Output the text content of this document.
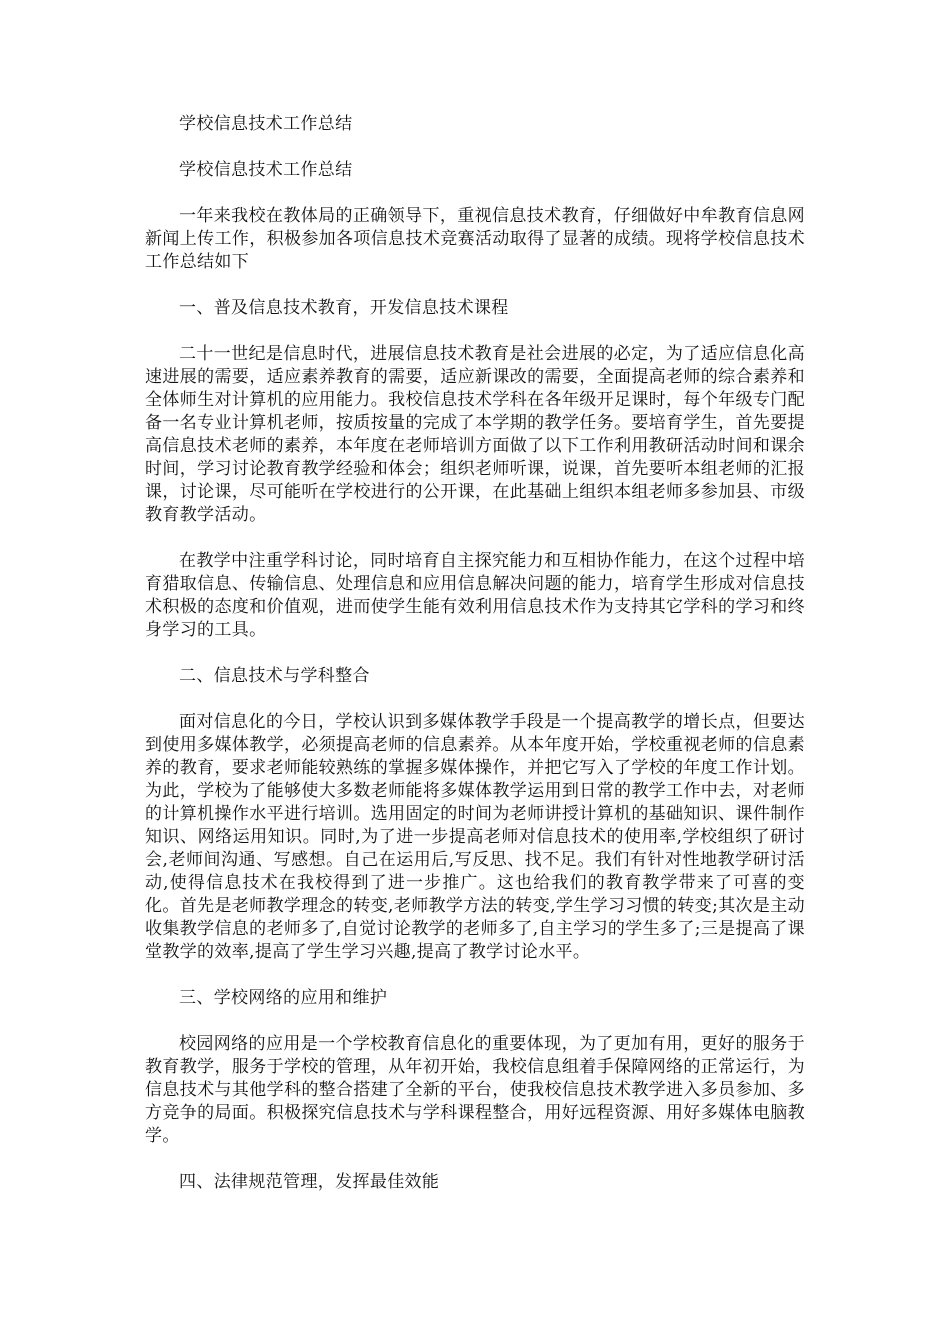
学校信息技术工作总结

学校信息技术工作总结

一年来我校在教体局的正确领导下，重视信息技术教育，仔细做好中牟教育信息网新闻上传工作，积极参加各项信息技术竞赛活动取得了显著的成绩。现将学校信息技术工作总结如下

一、普及信息技术教育，开发信息技术课程

二十一世纪是信息时代，进展信息技术教育是社会进展的必定，为了适应信息化高速进展的需要，适应素养教育的需要，适应新课改的需要，全面提高老师的综合素养和全体师生对计算机的应用能力。我校信息技术学科在各年级开足课时，每个年级专门配备一名专业计算机老师，按质按量的完成了本学期的教学任务。要培育学生，首先要提高信息技术老师的素养，本年度在老师培训方面做了以下工作利用教研活动时间和课余时间，学习讨论教育教学经验和体会；组织老师听课，说课，首先要听本组老师的汇报课，讨论课，尽可能听在学校进行的公开课，在此基础上组织本组老师多参加县、市级教育教学活动。

在教学中注重学科讨论，同时培育自主探究能力和互相协作能力，在这个过程中培育猎取信息、传输信息、处理信息和应用信息解决问题的能力，培育学生形成对信息技术积极的态度和价值观，进而使学生能有效利用信息技术作为支持其它学科的学习和终身学习的工具。

二、信息技术与学科整合

面对信息化的今日，学校认识到多媒体教学手段是一个提高教学的增长点，但要达到使用多媒体教学，必须提高老师的信息素养。从本年度开始，学校重视老师的信息素养的教育，要求老师能较熟练的掌握多媒体操作，并把它写入了学校的年度工作计划。为此，学校为了能够使大多数老师能将多媒体教学运用到日常的教学工作中去，对老师的计算机操作水平进行培训。选用固定的时间为老师讲授计算机的基础知识、课件制作知识、网络运用知识。同时,为了进一步提高老师对信息技术的使用率,学校组织了研讨会,老师间沟通、写感想。自己在运用后,写反思、找不足。我们有针对性地教学研讨活动,使得信息技术在我校得到了进一步推广。这也给我们的教育教学带来了可喜的变化。首先是老师教学理念的转变,老师教学方法的转变,学生学习习惯的转变;其次是主动收集教学信息的老师多了,自觉讨论教学的老师多了,自主学习的学生多了;三是提高了课堂教学的效率,提高了学生学习兴趣,提高了教学讨论水平。

三、学校网络的应用和维护

校园网络的应用是一个学校教育信息化的重要体现，为了更加有用，更好的服务于教育教学，服务于学校的管理，从年初开始，我校信息组着手保障网络的正常运行，为信息技术与其他学科的整合搭建了全新的平台，使我校信息技术教学进入多员参加、多方竞争的局面。积极探究信息技术与学科课程整合，用好远程资源、用好多媒体电脑教学。

四、法律规范管理，发挥最佳效能
